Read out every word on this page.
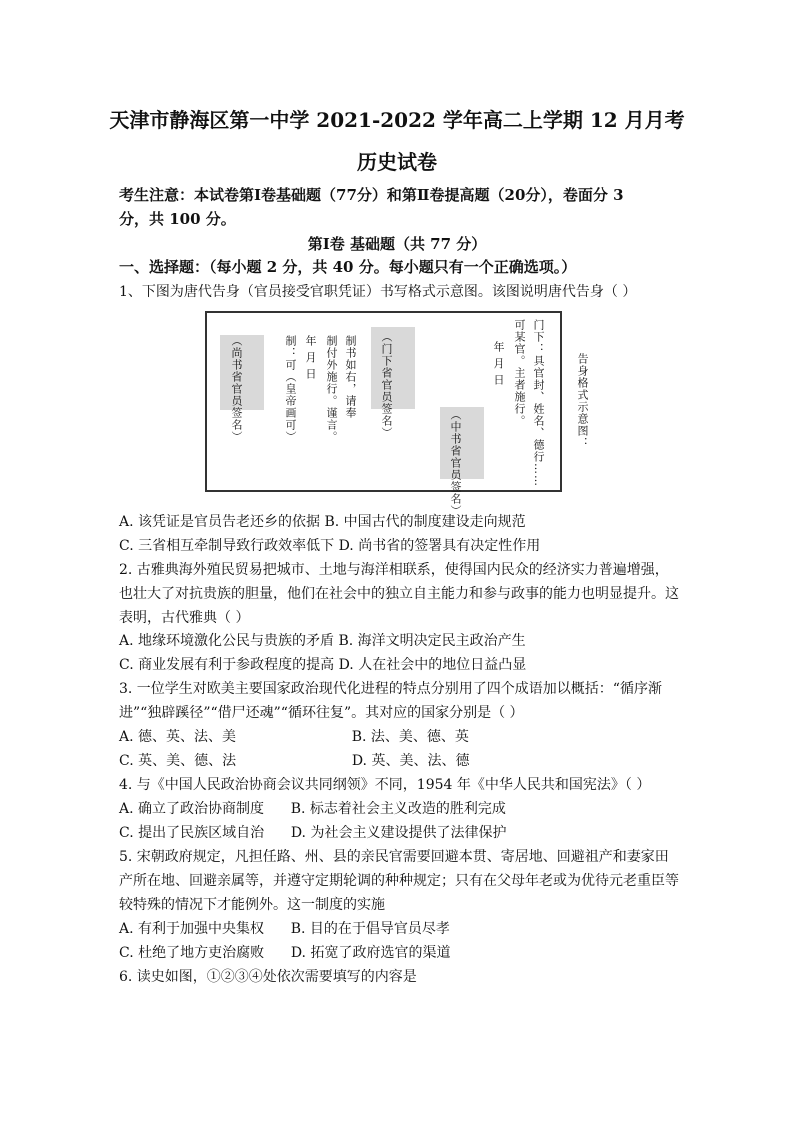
天津市静海区第一中学 2021-2022 学年高二上学期 12 月月考
历史试卷
考生注意：本试卷第Ⅰ卷基础题（77分）和第Ⅱ卷提高题（20分），卷面分 3
分，共 100 分。
第Ⅰ卷 基础题（共 77 分）
一、选择题：（每小题 2 分，共 40 分。每小题只有一个正确选项。）
1、下图为唐代告身（官员接受官职凭证）书写格式示意图。该图说明唐代告身（ ）
（尚书省官员签名）	制：可（皇帝画可） 年 月 日 制付外施行。谨言。 制书如右，请奉 （门下省官员签名）
（中书省官员签名）
年 月 日 可某官。主者施行。 门下：具官封、姓名、德行……	告身格式示意图：
A. 该凭证是官员告老还乡的依据 B. 中国古代的制度建设走向规范
C. 三省相互牵制导致行政效率低下 D. 尚书省的签署具有决定性作用
2. 古雅典海外殖民贸易把城市、土地与海洋相联系，使得国内民众的经济实力普遍增强，
也壮大了对抗贵族的胆量，他们在社会中的独立自主能力和参与政事的能力也明显提升。这
表明，古代雅典（ ）
A. 地缘环境激化公民与贵族的矛盾 B. 海洋文明决定民主政治产生
C. 商业发展有利于参政程度的提高 D. 人在社会中的地位日益凸显
3. 一位学生对欧美主要国家政治现代化进程的特点分别用了四个成语加以概括：“循序渐
进”“独辟蹊径”“借尸还魂”“循环往复”。其对应的国家分别是（ ）
A. 德、英、法、美                          B. 法、美、德、英
C. 英、美、德、法                          D. 英、美、法、德
4. 与《中国人民政治协商会议共同纲领》不同，1954 年《中华人民共和国宪法》（ ）
A. 确立了政治协商制度      B. 标志着社会主义改造的胜利完成
C. 提出了民族区域自治      D. 为社会主义建设提供了法律保护
5. 宋朝政府规定，凡担任路、州、县的亲民官需要回避本贯、寄居地、回避祖产和妻家田
产所在地、回避亲属等，并遵守定期轮调的种种规定；只有在父母年老或为优待元老重臣等
较特殊的情况下才能例外。这一制度的实施
A. 有利于加强中央集权      B. 目的在于倡导官员尽孝
C. 杜绝了地方吏治腐败      D. 拓宽了政府选官的渠道
6. 读史如图，①②③④处依次需要填写的内容是
